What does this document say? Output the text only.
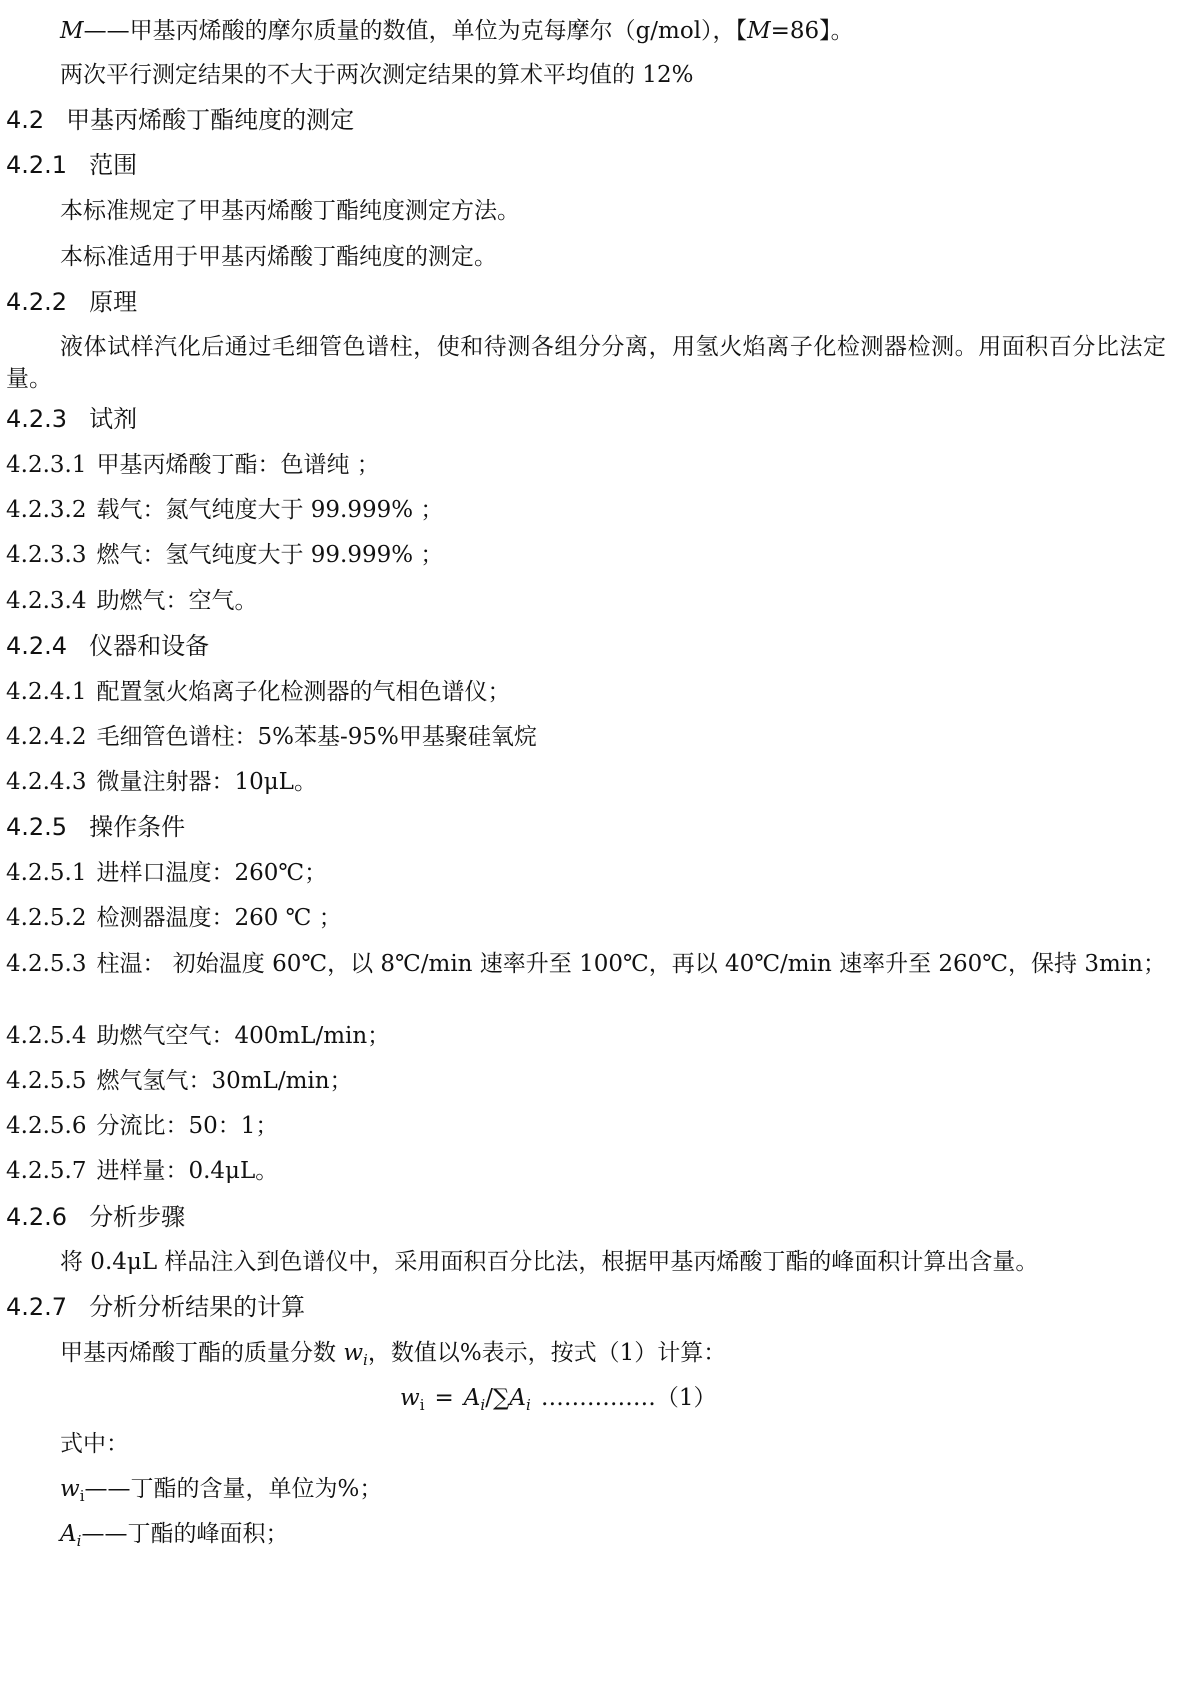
M——甲基丙烯酸的摩尔质量的数值，单位为克每摩尔（g/mol），【M=86】。
两次平行测定结果的不大于两次测定结果的算术平均值的 12%
4.2 甲基丙烯酸丁酯纯度的测定
4.2.1 范围
本标准规定了甲基丙烯酸丁酯纯度测定方法。
本标准适用于甲基丙烯酸丁酯纯度的测定。
4.2.2 原理
液体试样汽化后通过毛细管色谱柱，使和待测各组分分离，用氢火焰离子化检测器检测。用面积百分比法定量。
4.2.3 试剂
4.2.3.1 甲基丙烯酸丁酯：色谱纯 ；
4.2.3.2 载气：氮气纯度大于 99.999% ；
4.2.3.3 燃气：氢气纯度大于 99.999% ；
4.2.3.4 助燃气：空气。
4.2.4 仪器和设备
4.2.4.1 配置氢火焰离子化检测器的气相色谱仪；
4.2.4.2 毛细管色谱柱：5%苯基-95%甲基聚硅氧烷
4.2.4.3 微量注射器：10μL。
4.2.5 操作条件
4.2.5.1 进样口温度：260℃；
4.2.5.2 检测器温度：260 ℃ ；
4.2.5.3 柱温： 初始温度 60℃，以 8℃/min 速率升至 100℃，再以 40℃/min 速率升至 260℃，保持 3min；
4.2.5.4 助燃气空气：400mL/min；
4.2.5.5 燃气氢气：30mL/min；
4.2.5.6 分流比：50：1；
4.2.5.7 进样量：0.4μL。
4.2.6 分析步骤
将 0.4μL 样品注入到色谱仪中，采用面积百分比法，根据甲基丙烯酸丁酯的峰面积计算出含量。
4.2.7 分析分析结果的计算
甲基丙烯酸丁酯的质量分数 $w_i$，数值以%表示，按式（1）计算：
$w_i = A_i/\sum A_i$ ……………（1）
式中：
$w_i——$丁酯的含量，单位为%；
$A_i——$丁酯的峰面积；
